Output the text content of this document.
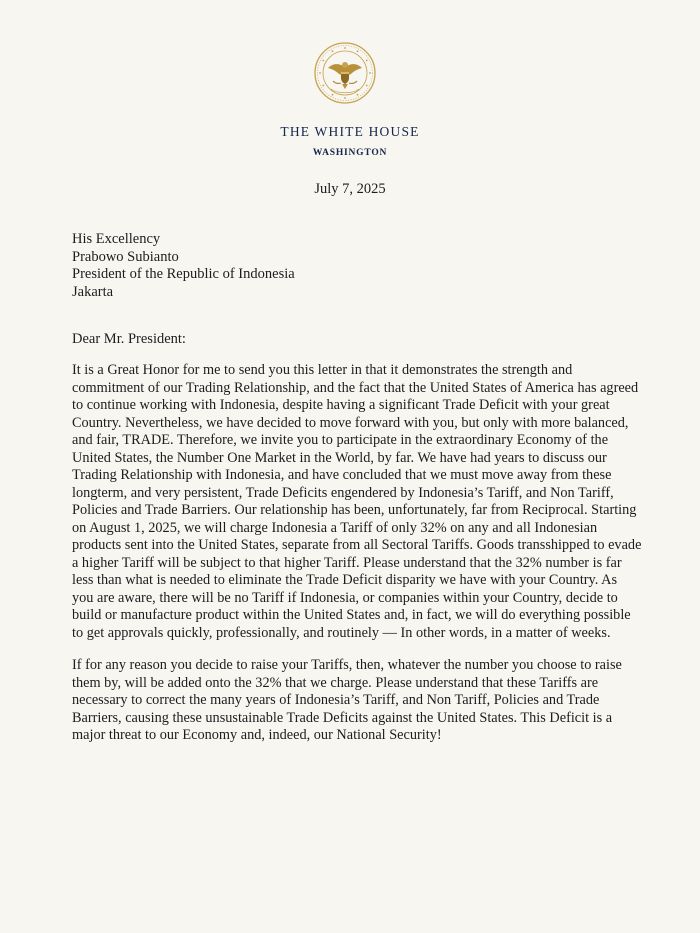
THE WHITE HOUSE
WASHINGTON
July 7, 2025
His Excellency
Prabowo Subianto
President of the Republic of Indonesia
Jakarta
Dear Mr. President:
It is a Great Honor for me to send you this letter in that it demonstrates the strength and commitment of our Trading Relationship, and the fact that the United States of America has agreed to continue working with Indonesia, despite having a significant Trade Deficit with your great Country. Nevertheless, we have decided to move forward with you, but only with more balanced, and fair, TRADE. Therefore, we invite you to participate in the extraordinary Economy of the United States, the Number One Market in the World, by far. We have had years to discuss our Trading Relationship with Indonesia, and have concluded that we must move away from these longterm, and very persistent, Trade Deficits engendered by Indonesia’s Tariff, and Non Tariff, Policies and Trade Barriers. Our relationship has been, unfortunately, far from Reciprocal. Starting on August 1, 2025, we will charge Indonesia a Tariff of only 32% on any and all Indonesian products sent into the United States, separate from all Sectoral Tariffs. Goods transshipped to evade a higher Tariff will be subject to that higher Tariff. Please understand that the 32% number is far less than what is needed to eliminate the Trade Deficit disparity we have with your Country. As you are aware, there will be no Tariff if Indonesia, or companies within your Country, decide to build or manufacture product within the United States and, in fact, we will do everything possible to get approvals quickly, professionally, and routinely — In other words, in a matter of weeks.
If for any reason you decide to raise your Tariffs, then, whatever the number you choose to raise them by, will be added onto the 32% that we charge. Please understand that these Tariffs are necessary to correct the many years of Indonesia’s Tariff, and Non Tariff, Policies and Trade Barriers, causing these unsustainable Trade Deficits against the United States. This Deficit is a major threat to our Economy and, indeed, our National Security!
